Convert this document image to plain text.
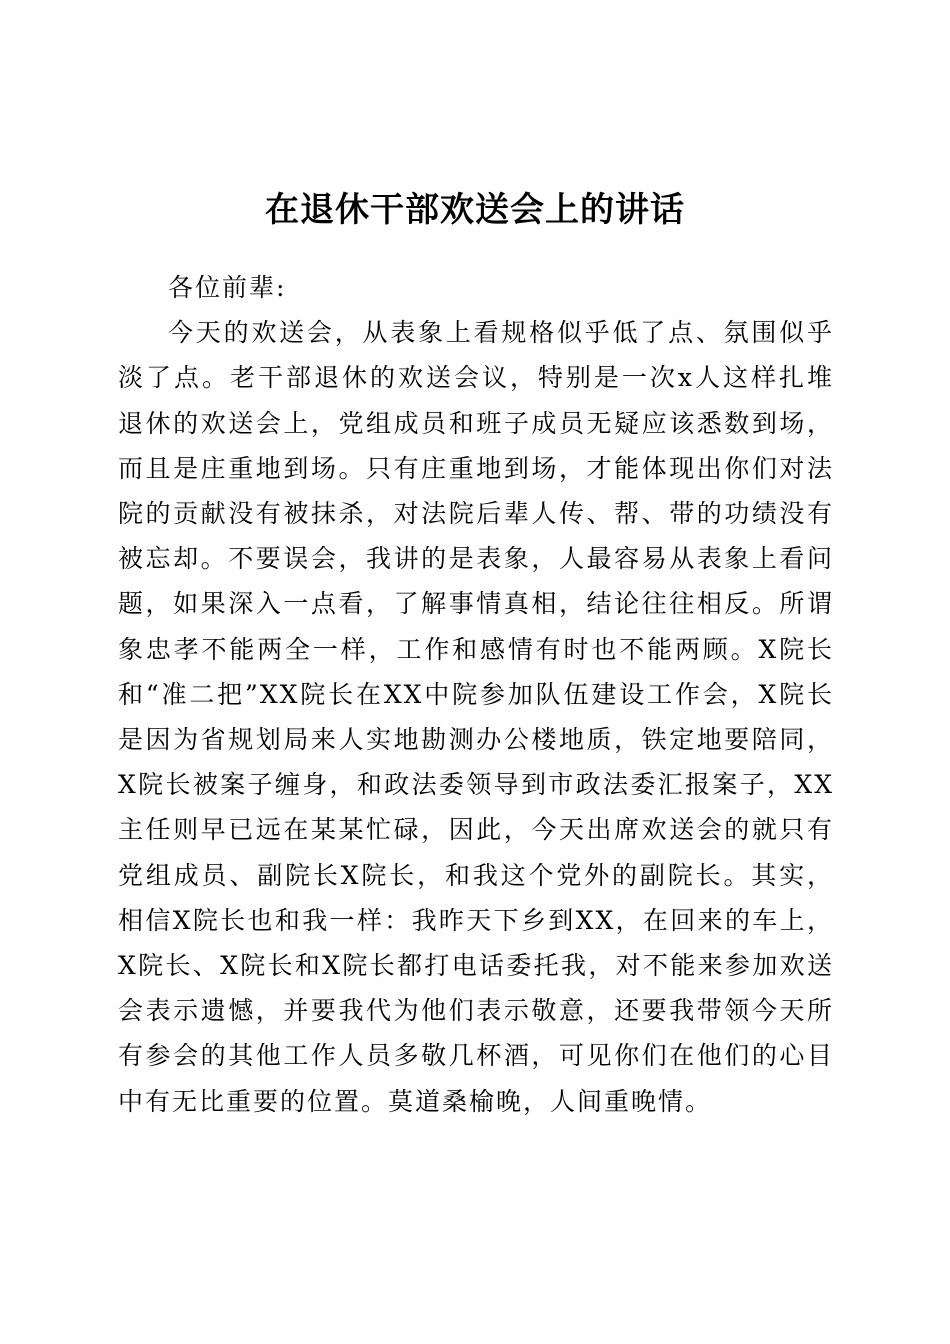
在退休干部欢送会上的讲话

各位前辈:

今天的欢送会，从表象上看规格似乎低了点、氛围似乎淡了点。老干部退休的欢送会议，特别是一次x人这样扎堆退休的欢送会上，党组成员和班子成员无疑应该悉数到场，而且是庄重地到场。只有庄重地到场，才能体现出你们对法院的贡献没有被抹杀，对法院后辈人传、帮、带的功绩没有被忘却。不要误会，我讲的是表象，人最容易从表象上看问题，如果深入一点看，了解事情真相，结论往往相反。所谓象忠孝不能两全一样，工作和感情有时也不能两顾。X院长和“准二把”XX院长在XX中院参加队伍建设工作会，X院长是因为省规划局来人实地勘测办公楼地质，铁定地要陪同，X院长被案子缠身，和政法委领导到市政法委汇报案子，XX主任则早已远在某某忙碌，因此，今天出席欢送会的就只有党组成员、副院长X院长，和我这个党外的副院长。其实，相信X院长也和我一样：我昨天下乡到XX，在回来的车上，X院长、X院长和X院长都打电话委托我，对不能来参加欢送会表示遗憾，并要我代为他们表示敬意，还要我带领今天所有参会的其他工作人员多敬几杯酒，可见你们在他们的心目中有无比重要的位置。莫道桑榆晚，人间重晚情。
